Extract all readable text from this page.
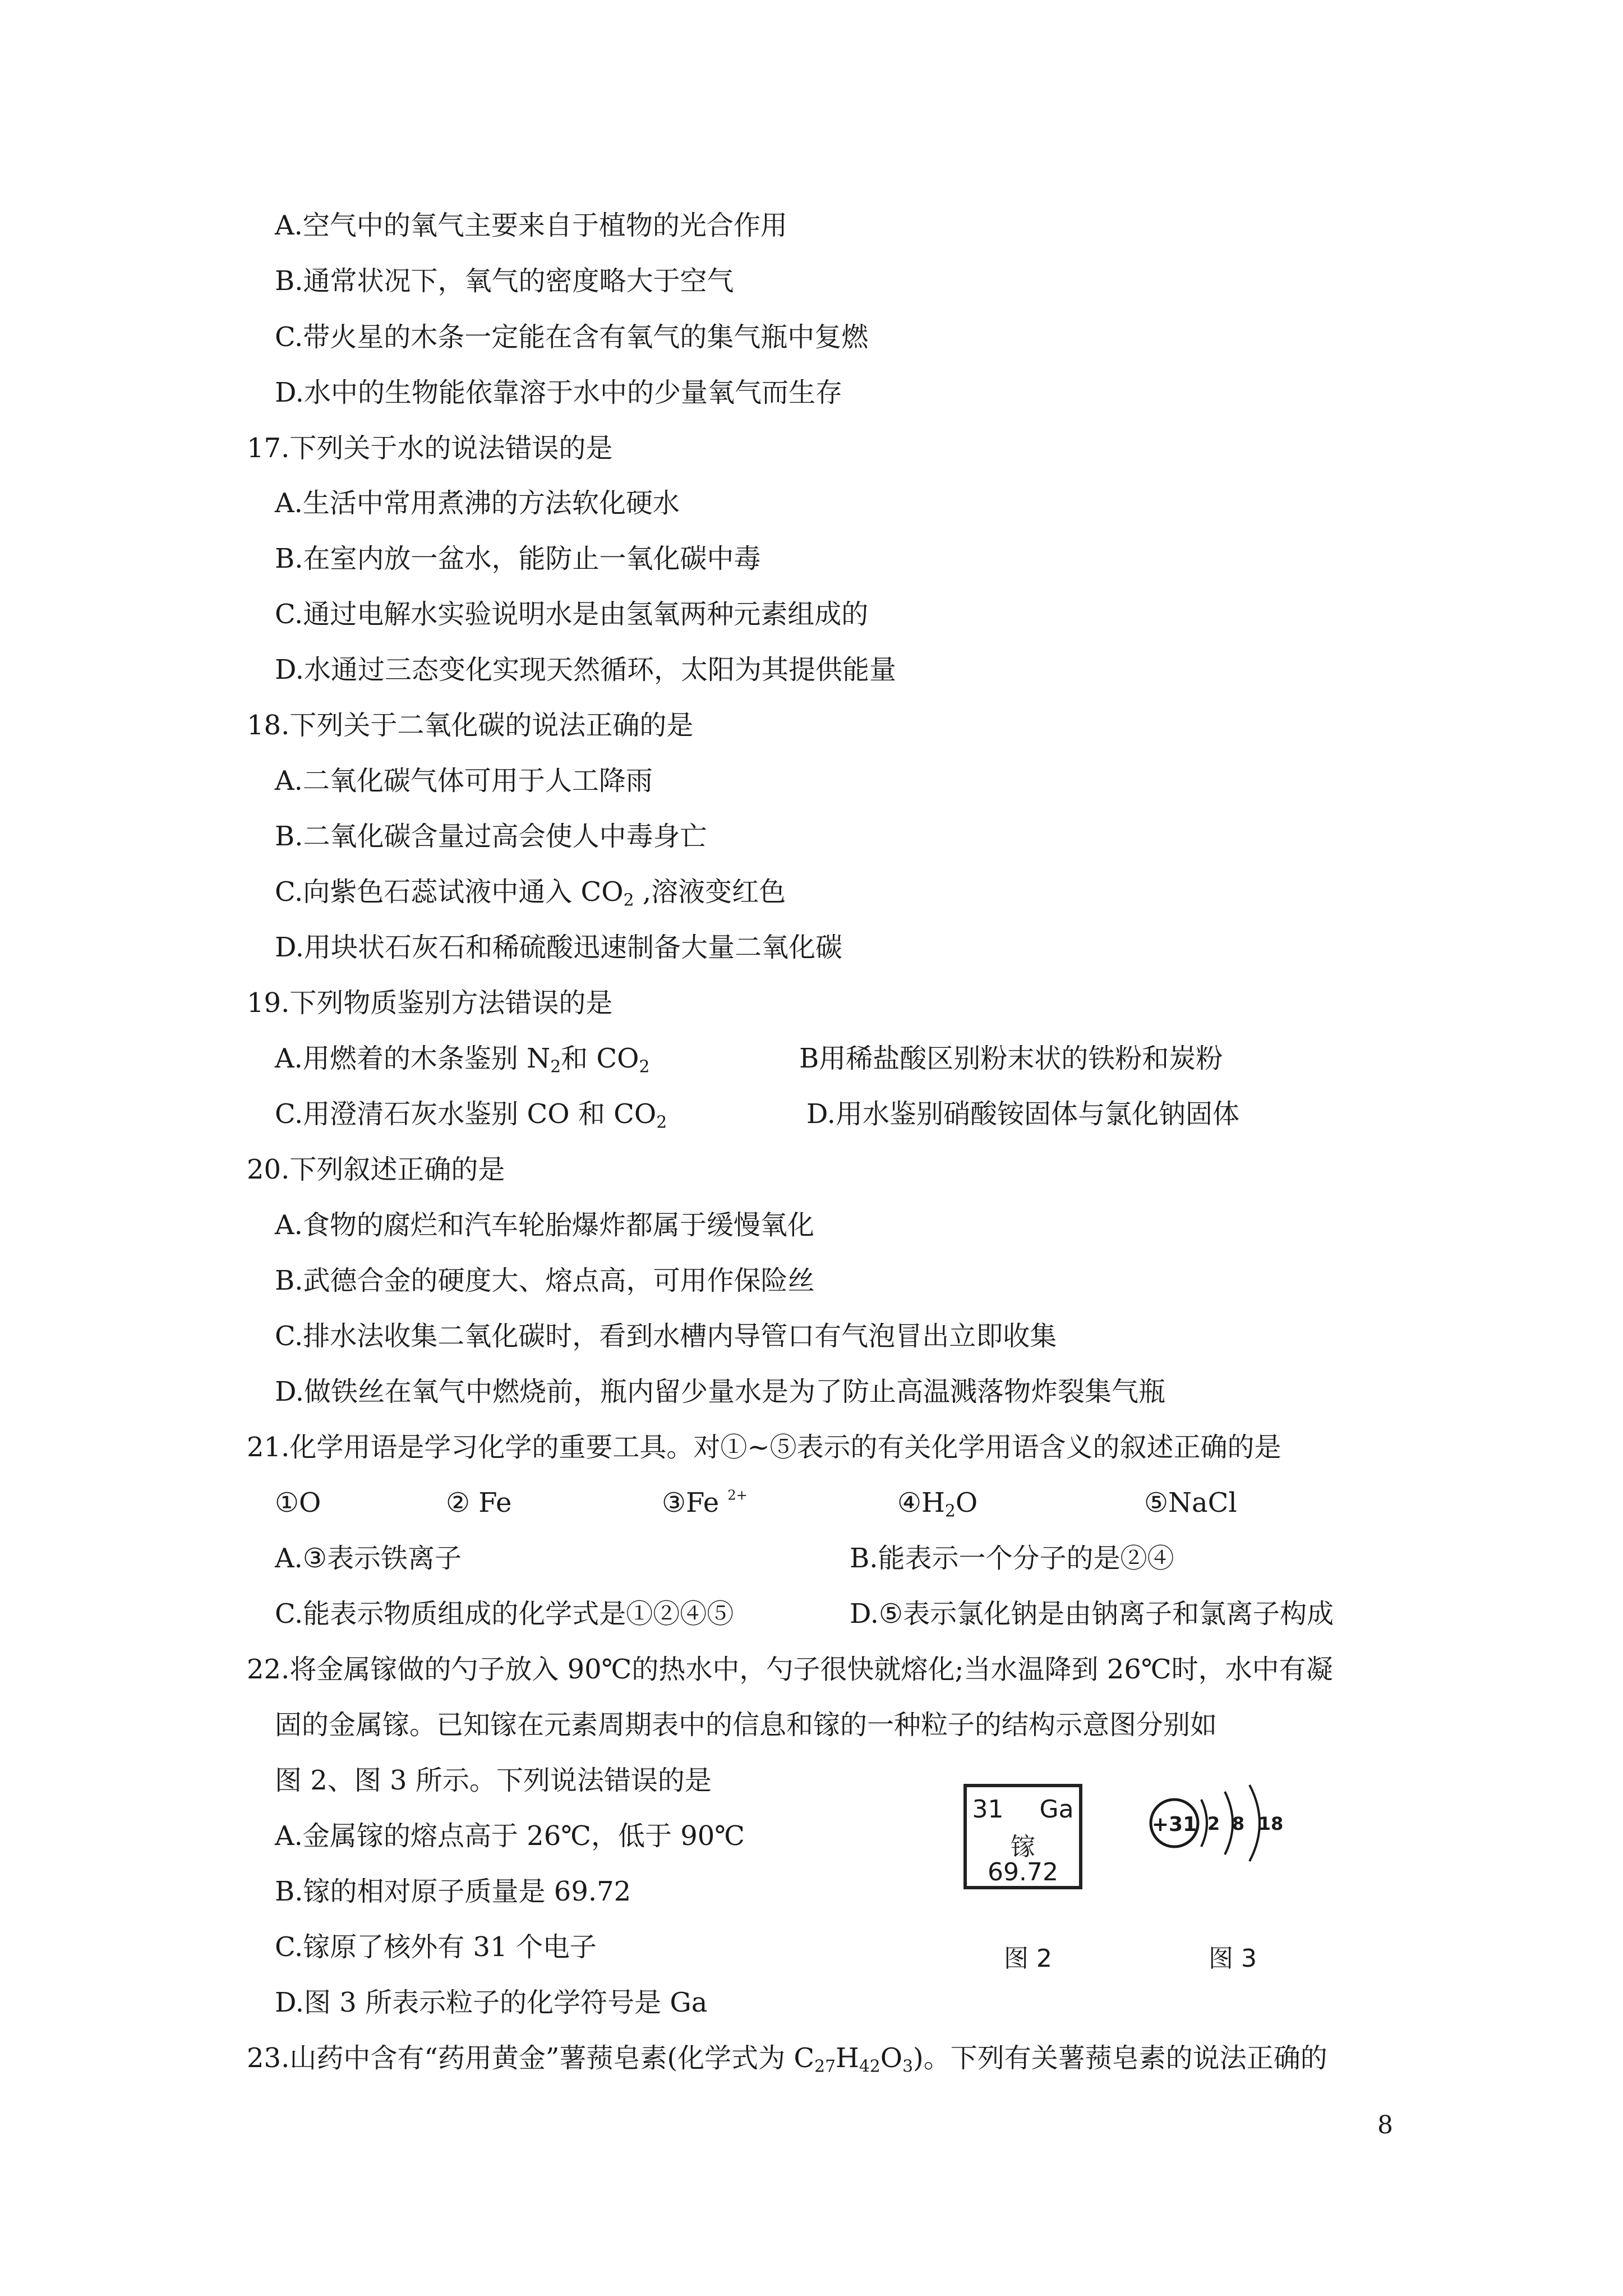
A.空气中的氧气主要来自于植物的光合作用
B.通常状况下，氧气的密度略大于空气
C.带火星的木条一定能在含有氧气的集气瓶中复燃
D.水中的生物能依靠溶于水中的少量氧气而生存
17.下列关于水的说法错误的是
A.生活中常用煮沸的方法软化硬水
B.在室内放一盆水，能防止一氧化碳中毒
C.通过电解水实验说明水是由氢氧两种元素组成的
D.水通过三态变化实现天然循环，太阳为其提供能量
18.下列关于二氧化碳的说法正确的是
A.二氧化碳气体可用于人工降雨
B.二氧化碳含量过高会使人中毒身亡
C.向紫色石蕊试液中通入 $CO_2$ ,溶液变红色
D.用块状石灰石和稀硫酸迅速制备大量二氧化碳
19.下列物质鉴别方法错误的是
A.用燃着的木条鉴别 $N_2$和 $CO_2$	B用稀盐酸区别粉末状的铁粉和炭粉
C.用澄清石灰水鉴别 CO 和 $CO_2$	D.用水鉴别硝酸铵固体与氯化钠固体
20.下列叙述正确的是
A.食物的腐烂和汽车轮胎爆炸都属于缓慢氧化
B.武德合金的硬度大、熔点高，可用作保险丝
C.排水法收集二氧化碳时，看到水槽内导管口有气泡冒出立即收集
D.做铁丝在氧气中燃烧前，瓶内留少量水是为了防止高温溅落物炸裂集气瓶
21.化学用语是学习化学的重要工具。对①~⑤表示的有关化学用语含义的叙述正确的是
①O	② Fe	③Fe $^{2+}$	$④H_2O$	⑤NaCl
A.③表示铁离子	B.能表示一个分子的是②④
C.能表示物质组成的化学式是①②④⑤	D.⑤表示氯化钠是由钠离子和氯离子构成
22.将金属镓做的勺子放入 90℃的热水中，勺子很快就熔化;当水温降到 26℃时，水中有凝
固的金属镓。已知镓在元素周期表中的信息和镓的一种粒子的结构示意图分别如
图 2、图 3 所示。下列说法错误的是
A.金属镓的熔点高于 26℃，低于 90℃
B.镓的相对原子质量是 69.72
C.镓原了核外有 31 个电子
D.图 3 所表示粒子的化学符号是 Ga
31 Ga
镓
69.72
图 2
+31 2 8 18
图 3
23.山药中含有“药用黄金”薯蓣皂素(化学式为 $C_{27}H_{42}O_3$)。下列有关薯蓣皂素的说法正确的
8
